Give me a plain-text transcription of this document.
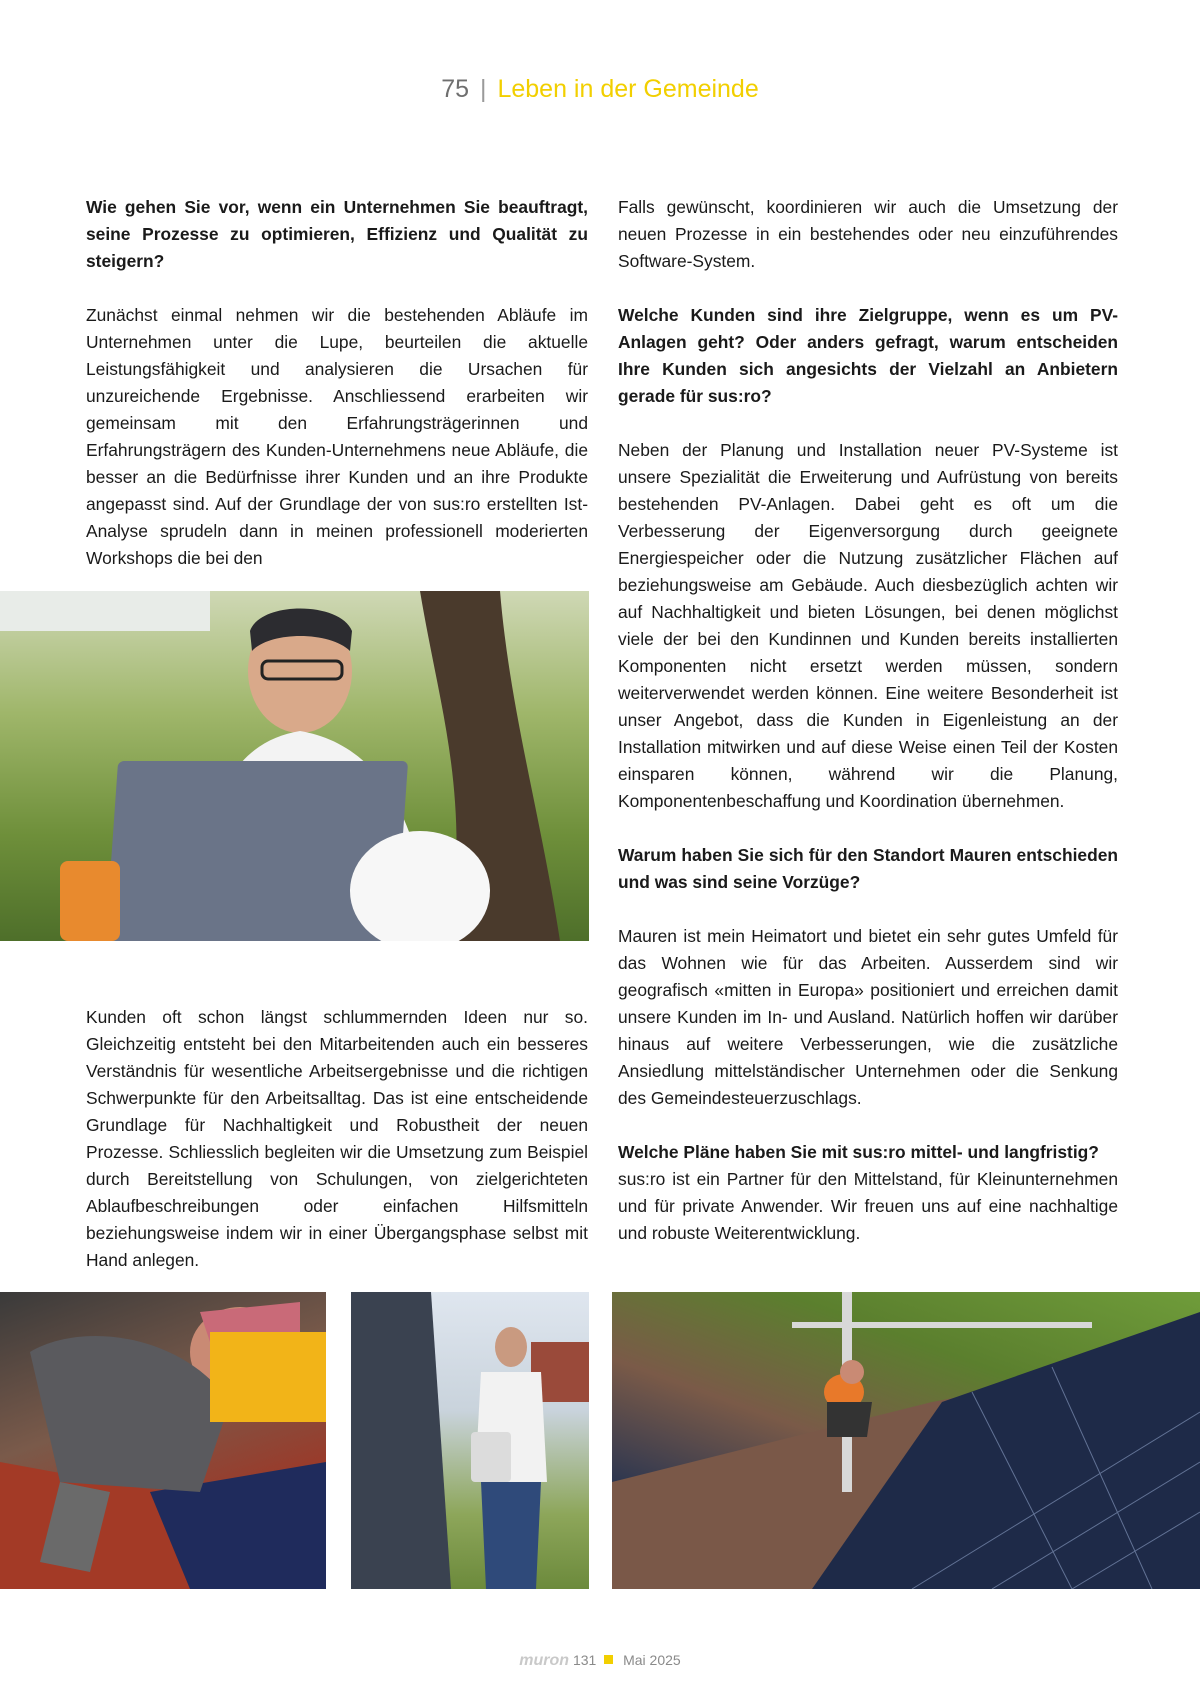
75 | Leben in der Gemeinde

Wie gehen Sie vor, wenn ein Unternehmen Sie beauftragt, seine Prozesse zu optimieren, Effizienz und Qualität zu steigern?

Zunächst einmal nehmen wir die bestehenden Abläufe im Unternehmen unter die Lupe, beurteilen die aktuelle Leistungsfähigkeit und analysieren die Ursachen für unzureichende Ergebnisse. Anschliessend erarbeiten wir gemeinsam mit den Erfahrungsträgerinnen und Erfahrungsträgern des Kunden-Unternehmens neue Abläufe, die besser an die Bedürfnisse ihrer Kunden und an ihre Produkte angepasst sind. Auf der Grundlage der von sus:ro erstellten Ist-Analyse sprudeln dann in meinen professionell moderierten Workshops die bei den

Kunden oft schon längst schlummernden Ideen nur so. Gleichzeitig entsteht bei den Mitarbeitenden auch ein besseres Verständnis für wesentliche Arbeitsergebnisse und die richtigen Schwerpunkte für den Arbeitsalltag. Das ist eine entscheidende Grundlage für Nachhaltigkeit und Robustheit der neuen Prozesse. Schliesslich begleiten wir die Umsetzung zum Beispiel durch Bereitstellung von Schulungen, von zielgerichteten Ablaufbeschreibungen oder einfachen Hilfsmitteln beziehungsweise indem wir in einer Übergangsphase selbst mit Hand anlegen.

Falls gewünscht, koordinieren wir auch die Umsetzung der neuen Prozesse in ein bestehendes oder neu einzuführendes Software-System.

Welche Kunden sind ihre Zielgruppe, wenn es um PV-Anlagen geht? Oder anders gefragt, warum entscheiden Ihre Kunden sich angesichts der Vielzahl an Anbietern gerade für sus:ro?

Neben der Planung und Installation neuer PV-Systeme ist unsere Spezialität die Erweiterung und Aufrüstung von bereits bestehenden PV-Anlagen. Dabei geht es oft um die Verbesserung der Eigenversorgung durch geeignete Energiespeicher oder die Nutzung zusätzlicher Flächen auf beziehungsweise am Gebäude. Auch diesbezüglich achten wir auf Nachhaltigkeit und bieten Lösungen, bei denen möglichst viele der bei den Kundinnen und Kunden bereits installierten Komponenten nicht ersetzt werden müssen, sondern weiterverwendet werden können. Eine weitere Besonderheit ist unser Angebot, dass die Kunden in Eigenleistung an der Installation mitwirken und auf diese Weise einen Teil der Kosten einsparen können, während wir die Planung, Komponentenbeschaffung und Koordination übernehmen.

Warum haben Sie sich für den Standort Mauren entschieden und was sind seine Vorzüge?

Mauren ist mein Heimatort und bietet ein sehr gutes Umfeld für das Wohnen wie für das Arbeiten. Ausserdem sind wir geografisch «mitten in Europa» positioniert und erreichen damit unsere Kunden im In- und Ausland. Natürlich hoffen wir darüber hinaus auf weitere Verbesserungen, wie die zusätzliche Ansiedlung mittelständischer Unternehmen oder die Senkung des Gemeindesteuerzuschlags.

Welche Pläne haben Sie mit sus:ro mittel- und langfristig?

sus:ro ist ein Partner für den Mittelstand, für Kleinunternehmen und für private Anwender. Wir freuen uns auf eine nachhaltige und robuste Weiterentwicklung.

muron 131 Mai 2025
